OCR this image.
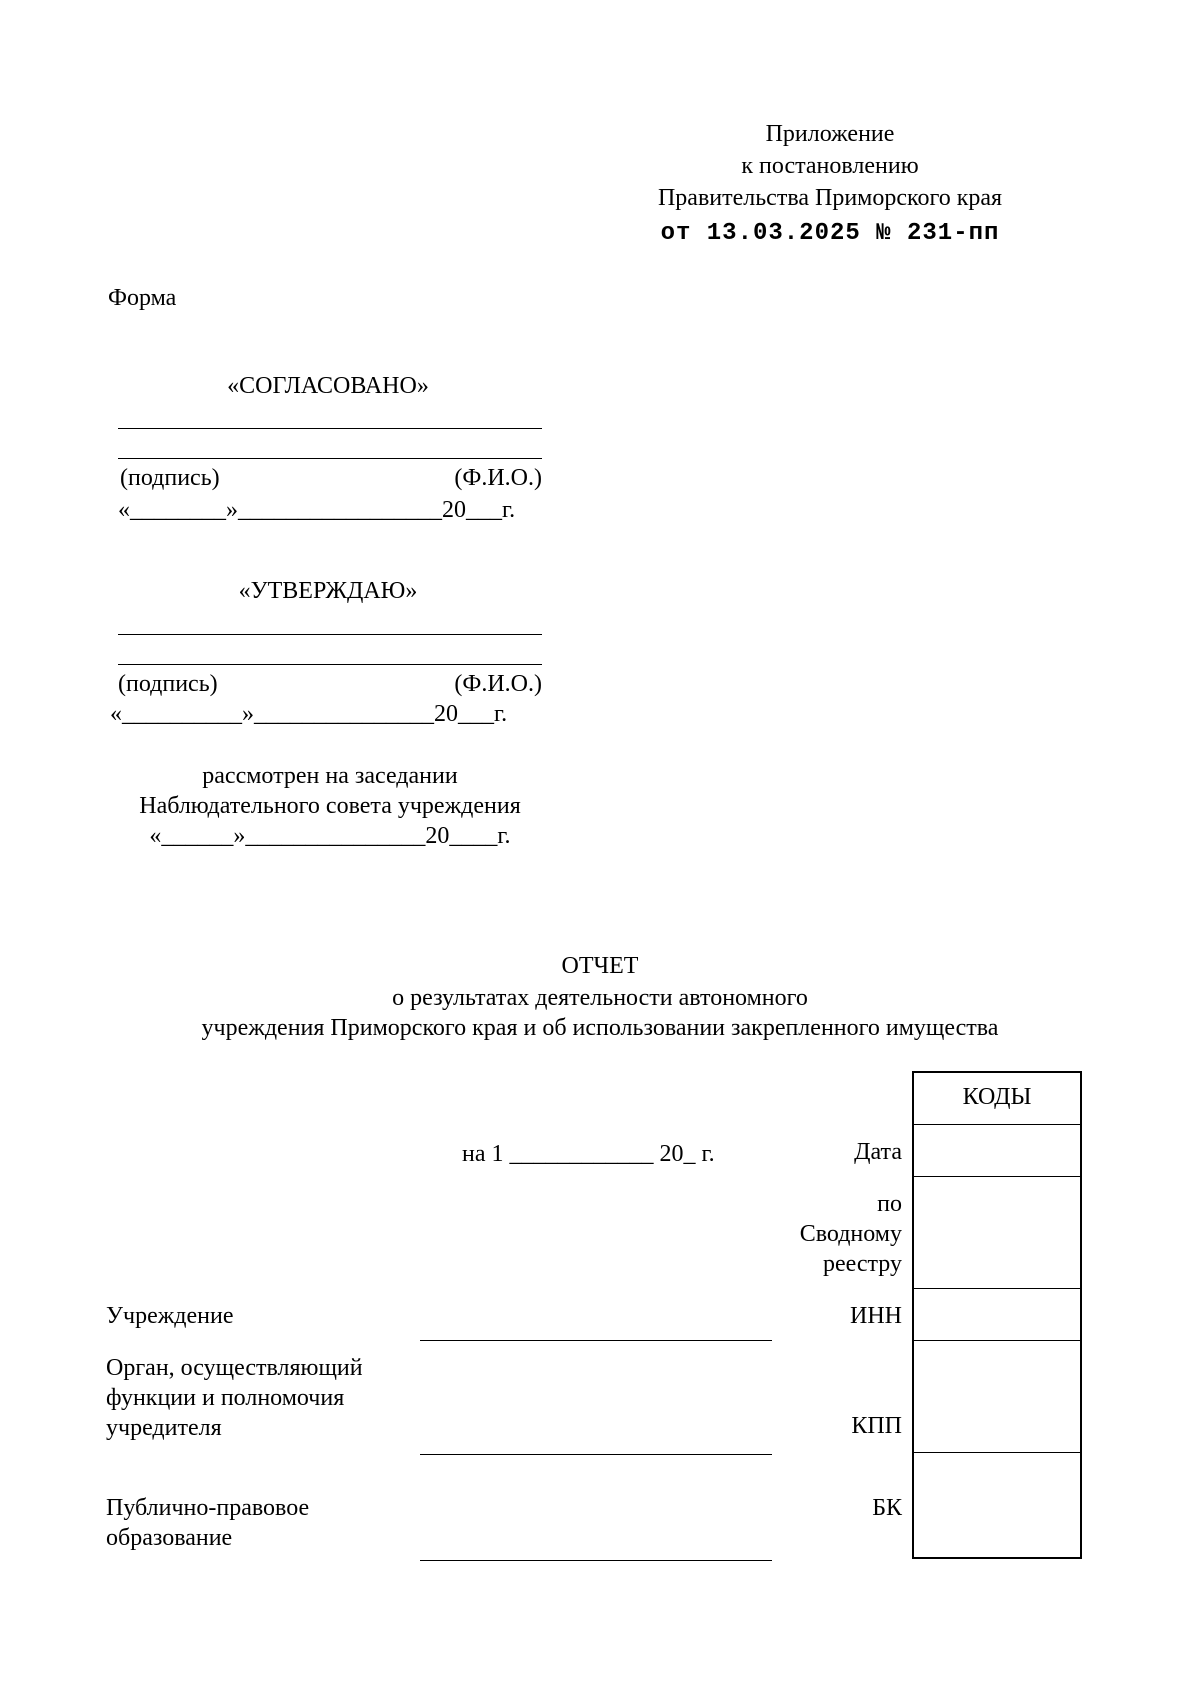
Приложение
к постановлению
Правительства Приморского края
от 13.03.2025 № 231-пп
Форма
«СОГЛАСОВАНО»
(подпись)	(Ф.И.О.)
«________»_________________20___г.
«УТВЕРЖДАЮ»
(подпись)	(Ф.И.О.)
«__________»_______________20___г.
рассмотрен на заседании
Наблюдательного совета учреждения
«______»_______________20____г.
ОТЧЕТ
о результатах деятельности автономного
учреждения Приморского края и об использовании закрепленного имущества
на 1 ____________ 20_ г.
КОДЫ
Дата
по
Сводному
реестру
ИНН
КПП
БК
Учреждение
Орган, осуществляющий
функции и полномочия
учредителя
Публично-правовое
образование
